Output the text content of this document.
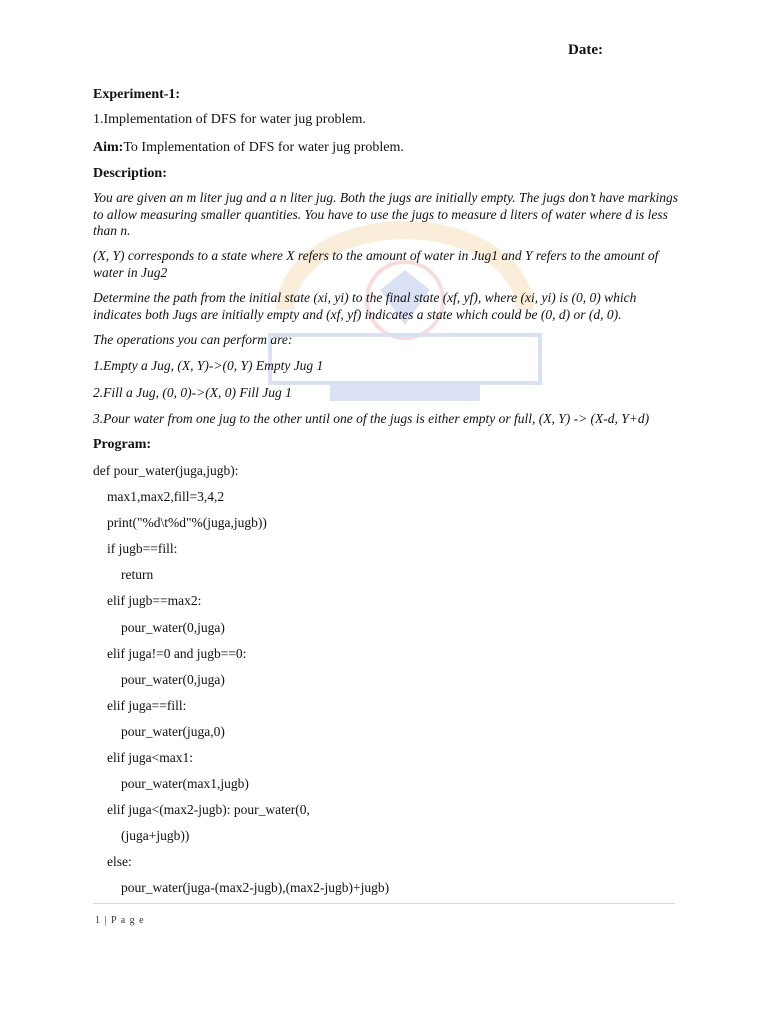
Date:
Experiment-1:
1.Implementation of DFS for water jug problem.
Aim:To Implementation of DFS for water jug problem.
Description:
You are given an m liter jug and a n liter jug. Both the jugs are initially empty. The jugs don’t have markings to allow measuring smaller quantities. You have to use the jugs to measure d liters of water where d is less than n.
(X, Y) corresponds to a state where X refers to the amount of water in Jug1 and Y refers to the amount of water in Jug2
Determine the path from the initial state (xi, yi) to the final state (xf, yf), where (xi, yi) is (0, 0) which indicates both Jugs are initially empty and (xf, yf) indicates a state which could be (0, d) or (d, 0).
The operations you can perform are:
1.Empty a Jug, (X, Y)->(0, Y) Empty Jug 1
2.Fill a Jug, (0, 0)->(X, 0) Fill Jug 1
3.Pour water from one jug to the other until one of the jugs is either empty or full, (X, Y) -> (X-d, Y+d)
Program:
def pour_water(juga,jugb):
max1,max2,fill=3,4,2
print("%d\t%d"%(juga,jugb))
if jugb==fill:
return
elif jugb==max2:
pour_water(0,juga)
elif juga!=0 and jugb==0:
pour_water(0,juga)
elif juga==fill:
pour_water(juga,0)
elif juga<max1:
pour_water(max1,jugb)
elif juga<(max2-jugb): pour_water(0,
(juga+jugb))
else:
pour_water(juga-(max2-jugb),(max2-jugb)+jugb)
1 | P a g e
